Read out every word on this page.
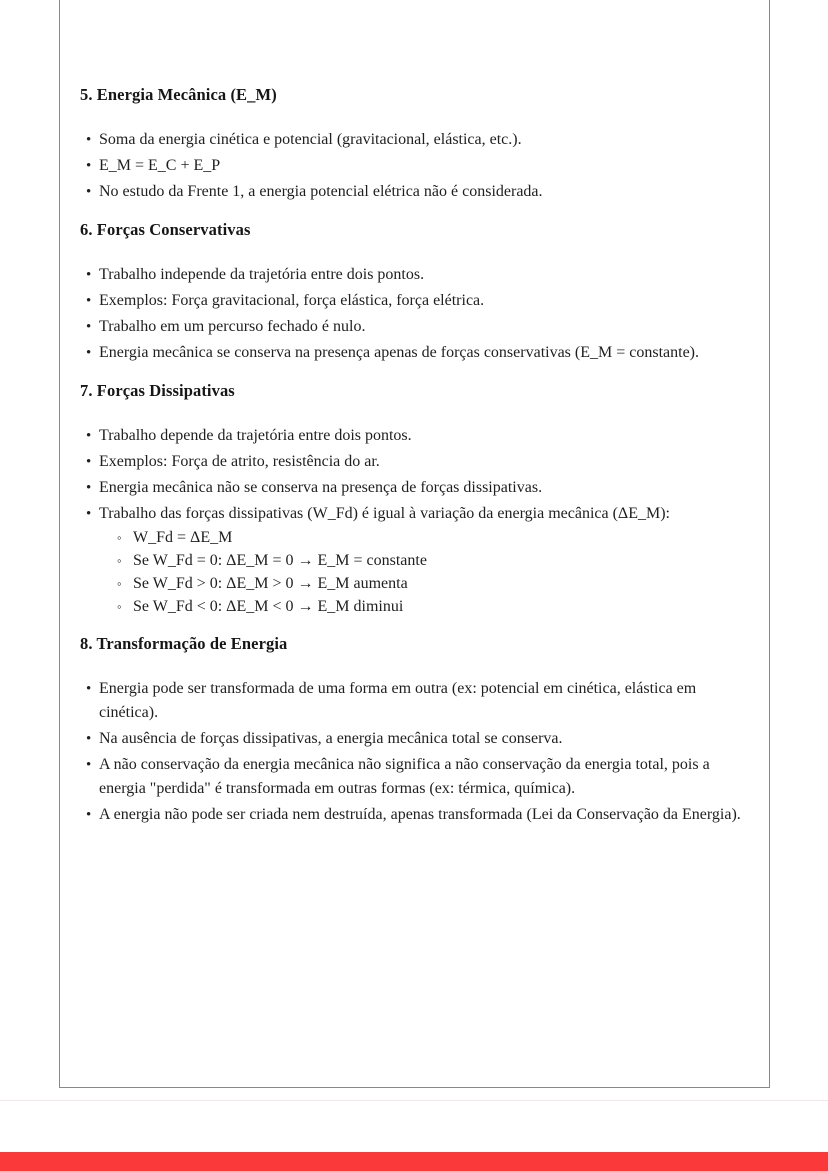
5. Energia Mecânica (E_M)
• Soma da energia cinética e potencial (gravitacional, elástica, etc.).
• E_M = E_C + E_P
• No estudo da Frente 1, a energia potencial elétrica não é considerada.
6. Forças Conservativas
• Trabalho independe da trajetória entre dois pontos.
• Exemplos: Força gravitacional, força elástica, força elétrica.
• Trabalho em um percurso fechado é nulo.
• Energia mecânica se conserva na presença apenas de forças conservativas (E_M = constante).
7. Forças Dissipativas
• Trabalho depende da trajetória entre dois pontos.
• Exemplos: Força de atrito, resistência do ar.
• Energia mecânica não se conserva na presença de forças dissipativas.
• Trabalho das forças dissipativas (W_Fd) é igual à variação da energia mecânica (ΔE_M):
◦ W_Fd = ΔE_M
◦ Se W_Fd = 0: ΔE_M = 0 → E_M = constante
◦ Se W_Fd > 0: ΔE_M > 0 → E_M aumenta
◦ Se W_Fd < 0: ΔE_M < 0 → E_M diminui
8. Transformação de Energia
• Energia pode ser transformada de uma forma em outra (ex: potencial em cinética, elástica em cinética).
• Na ausência de forças dissipativas, a energia mecânica total se conserva.
• A não conservação da energia mecânica não significa a não conservação da energia total, pois a energia "perdida" é transformada em outras formas (ex: térmica, química).
• A energia não pode ser criada nem destruída, apenas transformada (Lei da Conservação da Energia).
